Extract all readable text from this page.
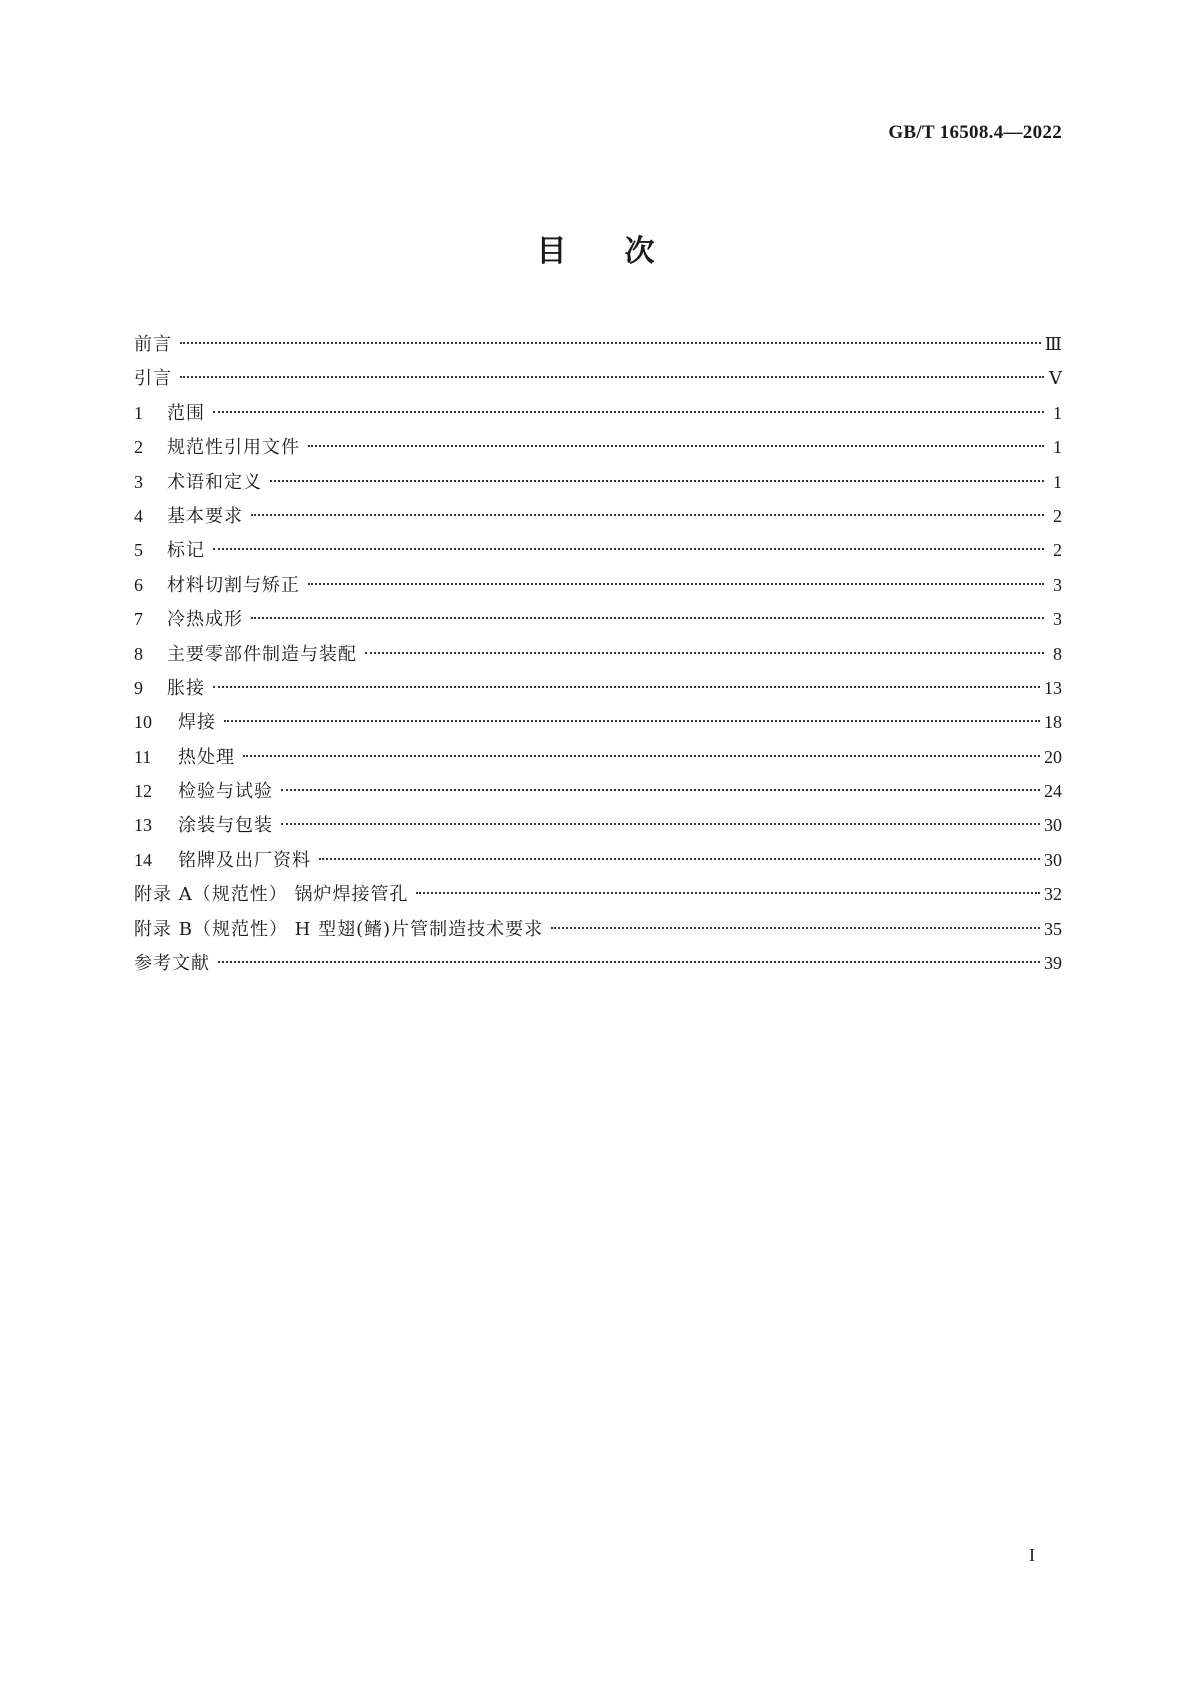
GB/T 16508.4—2022
目次
前言	Ⅲ
引言	Ⅴ
1	范围	1
2	规范性引用文件	1
3	术语和定义	1
4	基本要求	2
5	标记	2
6	材料切割与矫正	3
7	冷热成形	3
8	主要零部件制造与装配	8
9	胀接	13
10	焊接	18
11	热处理	20
12	检验与试验	24
13	涂装与包装	30
14	铭牌及出厂资料	30
附录 A（规范性） 锅炉焊接管孔	32
附录 B（规范性） H 型翅(鳍)片管制造技术要求	35
参考文献	39
I
